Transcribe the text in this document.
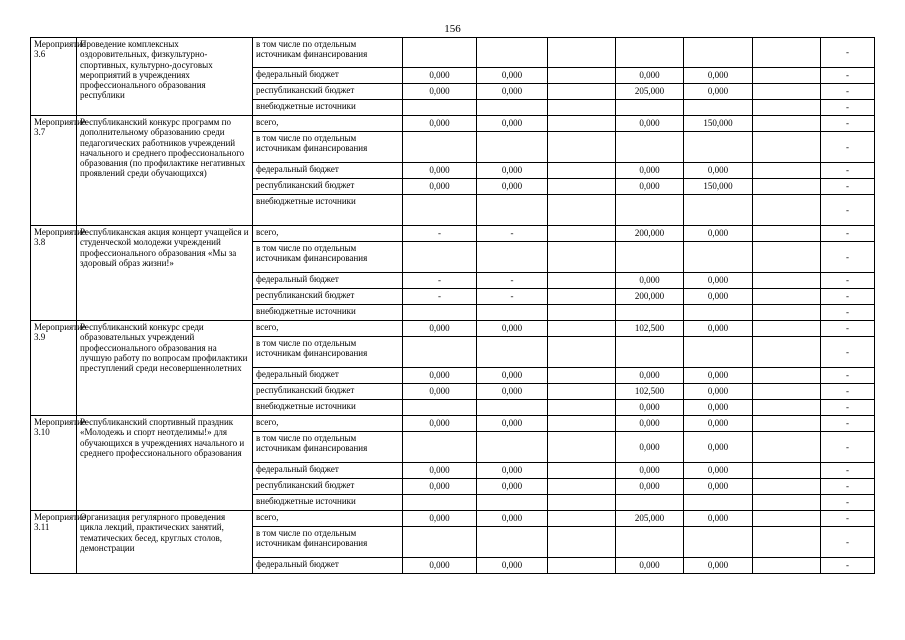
156
Мероприятие 3.6	Проведение комплексных оздоровительных, физкультурно-спортивных, культурно-досуговых мероприятий в учреждениях профессионального образования республики	в том числе по отдельным источникам финансирования							-	
		федеральный бюджет	0,000	0,000		0,000	0,000		-	
		республиканский бюджет	0,000	0,000		205,000	0,000		-	
		внебюджетные источники							-	
Мероприятие 3.7	Республиканский конкурс программ по дополнительному образованию среди педагогических работников учреждений начального и среднего профессионального образования (по профилактике негативных проявлений среди обучающихся)	всего,	0,000	0,000		0,000	150,000		-	
		в том числе по отдельным источникам финансирования							-	
		федеральный бюджет	0,000	0,000		0,000	0,000		-	
		республиканский бюджет	0,000	0,000		0,000	150,000		-	
		внебюджетные источники							-	
Мероприятие 3.8	Республиканская акция концерт учащейся и студенческой молодежи учреждений профессионального образования «Мы за здоровый образ жизни!»	всего,	-	-		200,000	0,000		-	
		в том числе по отдельным источникам финансирования							-	
		федеральный бюджет	-	-		0,000	0,000		-	
		республиканский бюджет	-	-		200,000	0,000		-	
		внебюджетные источники							-	
Мероприятие 3.9	Республиканский конкурс среди образовательных учреждений профессионального образования на лучшую работу по вопросам профилактики преступлений среди несовершеннолетних	всего,	0,000	0,000		102,500	0,000		-	
		в том числе по отдельным источникам финансирования							-	
		федеральный бюджет	0,000	0,000		0,000	0,000		-	
		республиканский бюджет	0,000	0,000		102,500	0,000		-	
		внебюджетные источники				0,000	0,000		-	
Мероприятие 3.10	Республиканский спортивный праздник «Молодежь и спорт неотделимы!» для обучающихся в учреждениях начального и среднего профессионального образования	всего,	0,000	0,000		0,000	0,000		-	
		в том числе по отдельным источникам финансирования				0,000	0,000		-	
		федеральный бюджет	0,000	0,000		0,000	0,000		-	
		республиканский бюджет	0,000	0,000		0,000	0,000		-	
		внебюджетные источники							-	
Мероприятие 3.11	Организация регулярного проведения цикла лекций, практических занятий, тематических бесед, круглых столов, демонстрации	всего,	0,000	0,000		205,000	0,000		-	
		в том числе по отдельным источникам финансирования							-	
		федеральный бюджет	0,000	0,000		0,000	0,000		-	
